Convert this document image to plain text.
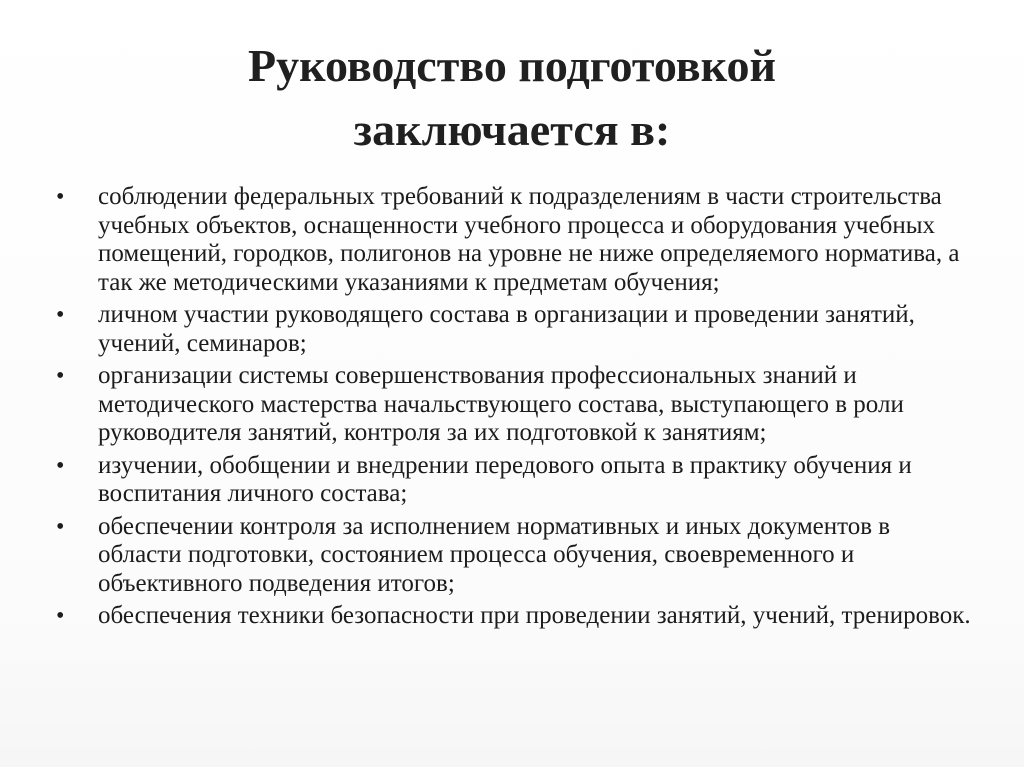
Руководство подготовкой
заключается в:
•	соблюдении федеральных требований к подразделениям в части строительства учебных объектов, оснащенности учебного процесса и оборудования учебных помещений, городков, полигонов на уровне не ниже определяемого норматива, а так же методическими указаниями к предметам обучения;
•	личном участии руководящего состава в организации и проведении занятий, учений, семинаров;
•	организации системы совершенствования профессиональных знаний и методического мастерства начальствующего состава, выступающего в роли руководителя занятий, контроля за их подготовкой к занятиям;
•	изучении, обобщении и внедрении передового опыта в практику обучения и воспитания личного состава;
•	обеспечении контроля за исполнением нормативных и иных документов в области подготовки, состоянием процесса обучения, своевременного и объективного подведения итогов;
•	обеспечения техники безопасности при проведении занятий, учений, тренировок.
